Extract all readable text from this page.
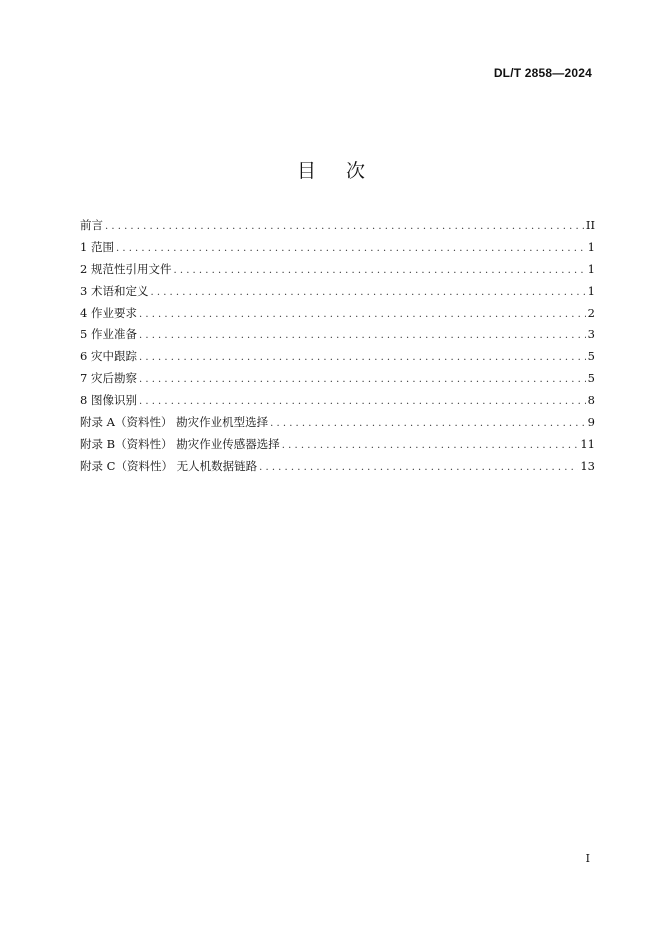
DL/T 2858—2024
目 次
前言 . . .	II
1 范围 . . .	1
2 规范性引用文件 . . .	1
3 术语和定义 . . .	1
4 作业要求 . . .	2
5 作业准备 . . .	3
6 灾中跟踪 . . .	5
7 灾后勘察 . . .	5
8 图像识别 . . .	8
附录 A（资料性） 勘灾作业机型选择 . . .	9
附录 B（资料性） 勘灾作业传感器选择 . . .	11
附录 C（资料性） 无人机数据链路 . . .	13
I
